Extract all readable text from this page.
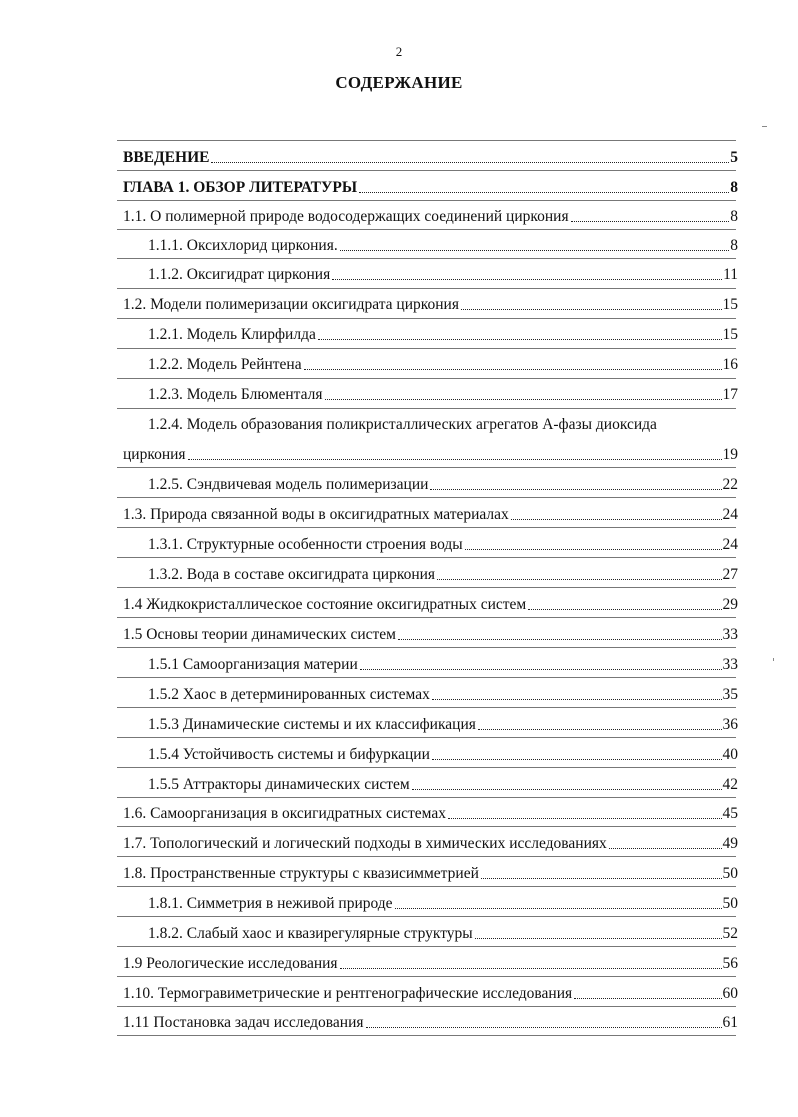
2
СОДЕРЖАНИЕ
ВВЕДЕНИЕ	5
ГЛАВА 1. ОБЗОР ЛИТЕРАТУРЫ	8
1.1. О полимерной природе водосодержащих соединений циркония	8
1.1.1. Оксихлорид циркония.	8
1.1.2. Оксигидрат циркония	11
1.2. Модели полимеризации оксигидрата циркония	15
1.2.1. Модель Клирфилда	15
1.2.2. Модель Рейнтена	16
1.2.3. Модель Блюменталя	17
1.2.4. Модель образования поликристаллических агрегатов А-фазы диоксида
циркония	19
1.2.5. Сэндвичевая модель полимеризации	22
1.3. Природа связанной воды в оксигидратных материалах	24
1.3.1. Структурные особенности строения воды	24
1.3.2. Вода в составе оксигидрата циркония	27
1.4 Жидкокристаллическое состояние оксигидратных систем	29
1.5 Основы теории динамических систем	33
1.5.1 Самоорганизация материи	33
1.5.2 Хаос в детерминированных системах	35
1.5.3 Динамические системы и их классификация	36
1.5.4 Устойчивость системы и бифуркации	40
1.5.5 Аттракторы динамических систем	42
1.6. Самоорганизация в оксигидратных системах	45
1.7. Топологический и логический подходы в химических исследованиях	49
1.8. Пространственные структуры с квазисимметрией	50
1.8.1. Симметрия в неживой природе	50
1.8.2. Слабый хаос и квазирегулярные структуры	52
1.9 Реологические исследования	56
1.10. Термогравиметрические и рентгенографические исследования	60
1.11 Постановка задач исследования	61
